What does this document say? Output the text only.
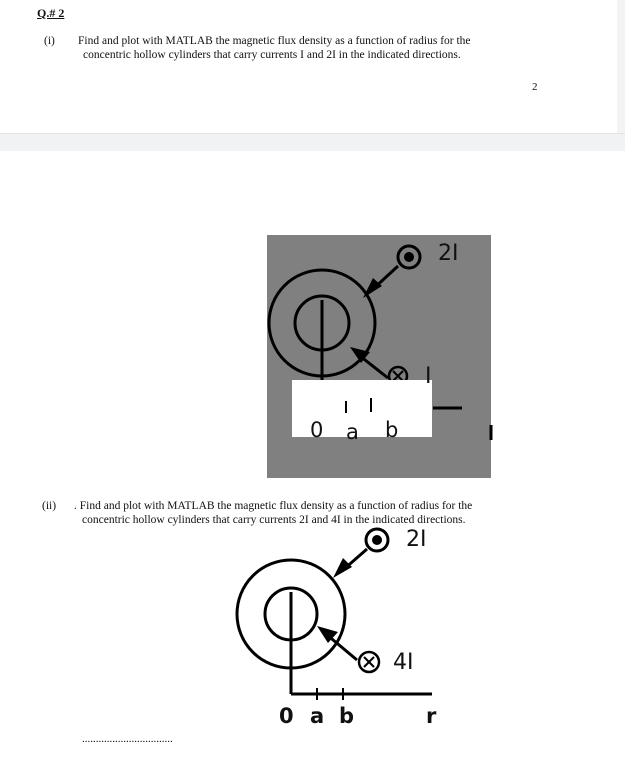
Q.# 2
(i) Find and plot with MATLAB the magnetic flux density as a function of radius for the
concentric hollow cylinders that carry currents I and 2I in the indicated directions.
2
2I
I
0 a b
(ii) . Find and plot with MATLAB the magnetic flux density as a function of radius for the
concentric hollow cylinders that carry currents 2I and 4I in the indicated directions.
2I
4I
0 a b	r
.................................
